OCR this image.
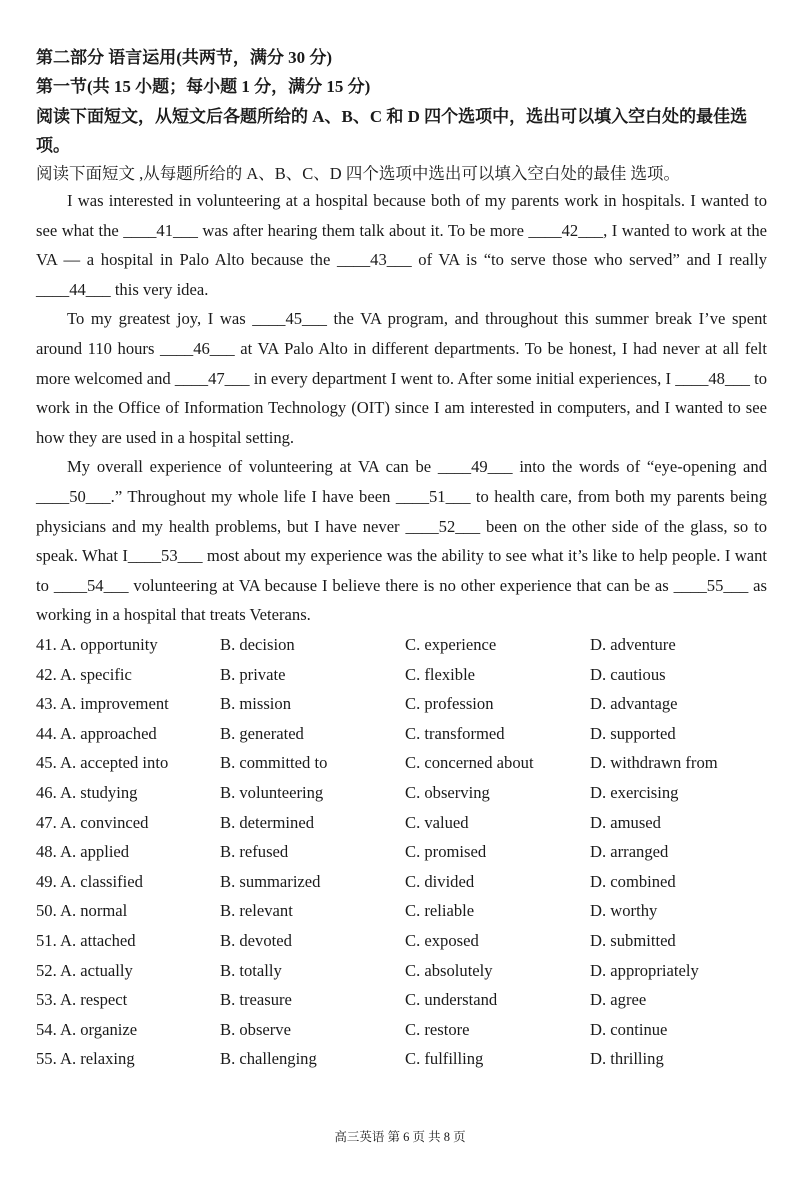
第二部分 语言运用(共两节，满分 30 分)
第一节(共 15 小题；每小题 1 分，满分 15 分)
阅读下面短文，从短文后各题所给的 A、B、C 和 D 四个选项中，选出可以填入空白处的最佳选项。
阅读下面短文 ,从每题所给的 A、B、C、D 四个选项中选出可以填入空白处的最佳 选项。

I was interested in volunteering at a hospital because both of my parents work in hospitals. I wanted to see what the ____41___ was after hearing them talk about it. To be more ____42___, I wanted to work at the VA — a hospital in Palo Alto because the ____43___ of VA is “to serve those who served” and I really ____44___ this very idea.

To my greatest joy, I was ____45___ the VA program, and throughout this summer break I’ve spent around 110 hours ____46___ at VA Palo Alto in different departments. To be honest, I had never at all felt more welcomed and ____47___ in every department I went to. After some initial experiences, I ____48___ to work in the Office of Information Technology (OIT) since I am interested in computers, and I wanted to see how they are used in a hospital setting.

My overall experience of volunteering at VA can be ____49___ into the words of “eye-opening and ____50___.” Throughout my whole life I have been ____51___ to health care, from both my parents being physicians and my health problems, but I have never ____52___ been on the other side of the glass, so to speak. What I____53___ most about my experience was the ability to see what it’s like to help people. I want to ____54___ volunteering at VA because I believe there is no other experience that can be as ____55___ as working in a hospital that treats Veterans.

41. A. opportunity	B. decision	C. experience	D. adventure
42. A. specific	B. private	C. flexible	D. cautious
43. A. improvement	B. mission	C. profession	D. advantage
44. A. approached	B. generated	C. transformed	D. supported
45. A. accepted into	B. committed to	C. concerned about	D. withdrawn from
46. A. studying	B. volunteering	C. observing	D. exercising
47. A. convinced	B. determined	C. valued	D. amused
48. A. applied	B. refused	C. promised	D. arranged
49. A. classified	B. summarized	C. divided	D. combined
50. A. normal	B. relevant	C. reliable	D. worthy
51. A. attached	B. devoted	C. exposed	D. submitted
52. A. actually	B. totally	C. absolutely	D. appropriately
53. A. respect	B. treasure	C. understand	D. agree
54. A. organize	B. observe	C. restore	D. continue
55. A. relaxing	B. challenging	C. fulfilling	D. thrilling
高三英语 第 6 页 共 8 页
